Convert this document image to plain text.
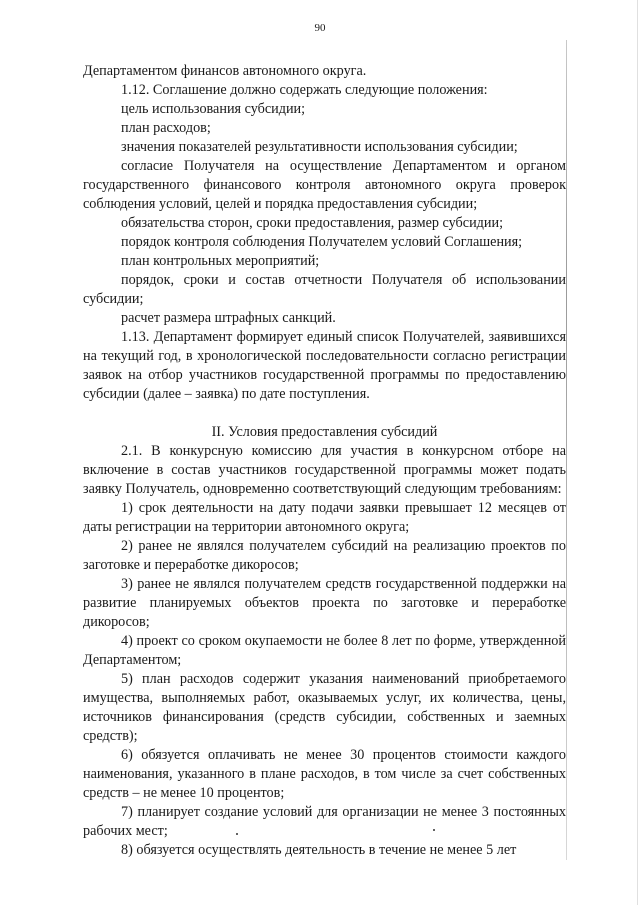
90

Департаментом финансов автономного округа.

1.12. Соглашение должно содержать следующие положения:

цель использования субсидии;

план расходов;

значения показателей результативности использования субсидии;

согласие Получателя на осуществление Департаментом и органом государственного финансового контроля автономного округа проверок соблюдения условий, целей и порядка предоставления субсидии;

обязательства сторон, сроки предоставления, размер субсидии;

порядок контроля соблюдения Получателем условий Соглашения;

план контрольных мероприятий;

порядок, сроки и состав отчетности Получателя об использовании субсидии;

расчет размера штрафных санкций.

1.13. Департамент формирует единый список Получателей, заявившихся на текущий год, в хронологической последовательности согласно регистрации заявок на отбор участников государственной программы по предоставлению субсидии (далее – заявка) по дате поступления.

II. Условия предоставления субсидий

2.1. В конкурсную комиссию для участия в конкурсном отборе на включение в состав участников государственной программы может подать заявку Получатель, одновременно соответствующий следующим требованиям:

1) срок деятельности на дату подачи заявки превышает 12 месяцев от даты регистрации на территории автономного округа;

2) ранее не являлся получателем субсидий на реализацию проектов по заготовке и переработке дикоросов;

3) ранее не являлся получателем средств государственной поддержки на развитие планируемых объектов проекта по заготовке и переработке дикоросов;

4) проект со сроком окупаемости не более 8 лет по форме, утвержденной Департаментом;

5) план расходов содержит указания наименований приобретаемого имущества, выполняемых работ, оказываемых услуг, их количества, цены, источников финансирования (средств субсидии, собственных и заемных средств);

6) обязуется оплачивать не менее 30 процентов стоимости каждого наименования, указанного в плане расходов, в том числе за счет собственных средств – не менее 10 процентов;

7) планирует создание условий для организации не менее 3 постоянных рабочих мест;

8) обязуется осуществлять деятельность в течение не менее 5 лет
